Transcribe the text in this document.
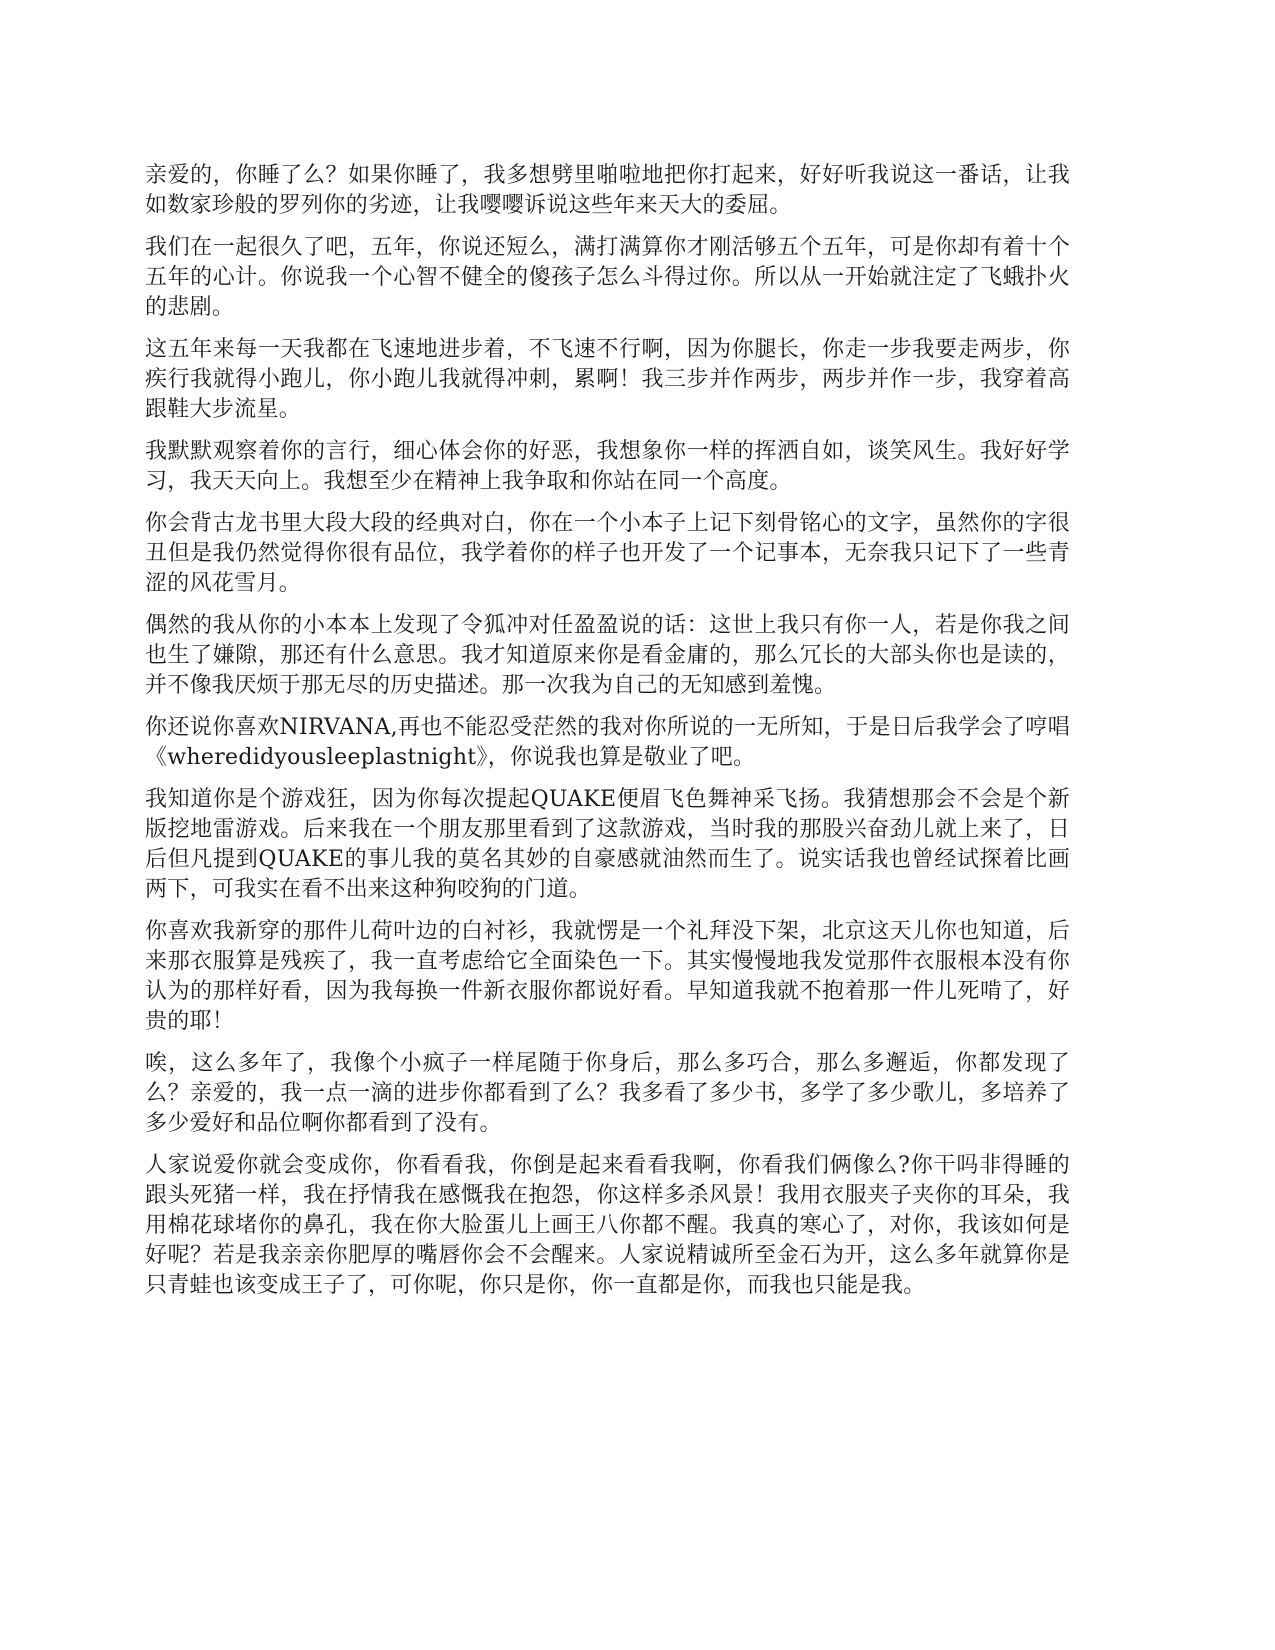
亲爱的，你睡了么？如果你睡了，我多想劈里啪啦地把你打起来，好好听我说这一番话，让我如数家珍般的罗列你的劣迹，让我嘤嘤诉说这些年来天大的委屈。

我们在一起很久了吧，五年，你说还短么，满打满算你才刚活够五个五年，可是你却有着十个五年的心计。你说我一个心智不健全的傻孩子怎么斗得过你。所以从一开始就注定了飞蛾扑火的悲剧。

这五年来每一天我都在飞速地进步着，不飞速不行啊，因为你腿长，你走一步我要走两步，你疾行我就得小跑儿，你小跑儿我就得冲刺，累啊！我三步并作两步，两步并作一步，我穿着高跟鞋大步流星。

我默默观察着你的言行，细心体会你的好恶，我想象你一样的挥洒自如，谈笑风生。我好好学习，我天天向上。我想至少在精神上我争取和你站在同一个高度。

你会背古龙书里大段大段的经典对白，你在一个小本子上记下刻骨铭心的文字，虽然你的字很丑但是我仍然觉得你很有品位，我学着你的样子也开发了一个记事本，无奈我只记下了一些青涩的风花雪月。

偶然的我从你的小本本上发现了令狐冲对任盈盈说的话：这世上我只有你一人，若是你我之间也生了嫌隙，那还有什么意思。我才知道原来你是看金庸的，那么冗长的大部头你也是读的，并不像我厌烦于那无尽的历史描述。那一次我为自己的无知感到羞愧。

你还说你喜欢NIRVANA,再也不能忍受茫然的我对你所说的一无所知，于是日后我学会了哼唱《wheredidyousleeplastnight》，你说我也算是敬业了吧。

我知道你是个游戏狂，因为你每次提起QUAKE便眉飞色舞神采飞扬。我猜想那会不会是个新版挖地雷游戏。后来我在一个朋友那里看到了这款游戏，当时我的那股兴奋劲儿就上来了，日后但凡提到QUAKE的事儿我的莫名其妙的自豪感就油然而生了。说实话我也曾经试探着比画两下，可我实在看不出来这种狗咬狗的门道。

你喜欢我新穿的那件儿荷叶边的白衬衫，我就愣是一个礼拜没下架，北京这天儿你也知道，后来那衣服算是残疾了，我一直考虑给它全面染色一下。其实慢慢地我发觉那件衣服根本没有你认为的那样好看，因为我每换一件新衣服你都说好看。早知道我就不抱着那一件儿死啃了，好贵的耶！

唉，这么多年了，我像个小疯子一样尾随于你身后，那么多巧合，那么多邂逅，你都发现了么？亲爱的，我一点一滴的进步你都看到了么？我多看了多少书，多学了多少歌儿，多培养了多少爱好和品位啊你都看到了没有。

人家说爱你就会变成你，你看看我，你倒是起来看看我啊，你看我们俩像么?你干吗非得睡的跟头死猪一样，我在抒情我在感慨我在抱怨，你这样多杀风景！我用衣服夹子夹你的耳朵，我用棉花球堵你的鼻孔，我在你大脸蛋儿上画王八你都不醒。我真的寒心了，对你，我该如何是好呢？若是我亲亲你肥厚的嘴唇你会不会醒来。人家说精诚所至金石为开，这么多年就算你是只青蛙也该变成王子了，可你呢，你只是你，你一直都是你，而我也只能是我。
